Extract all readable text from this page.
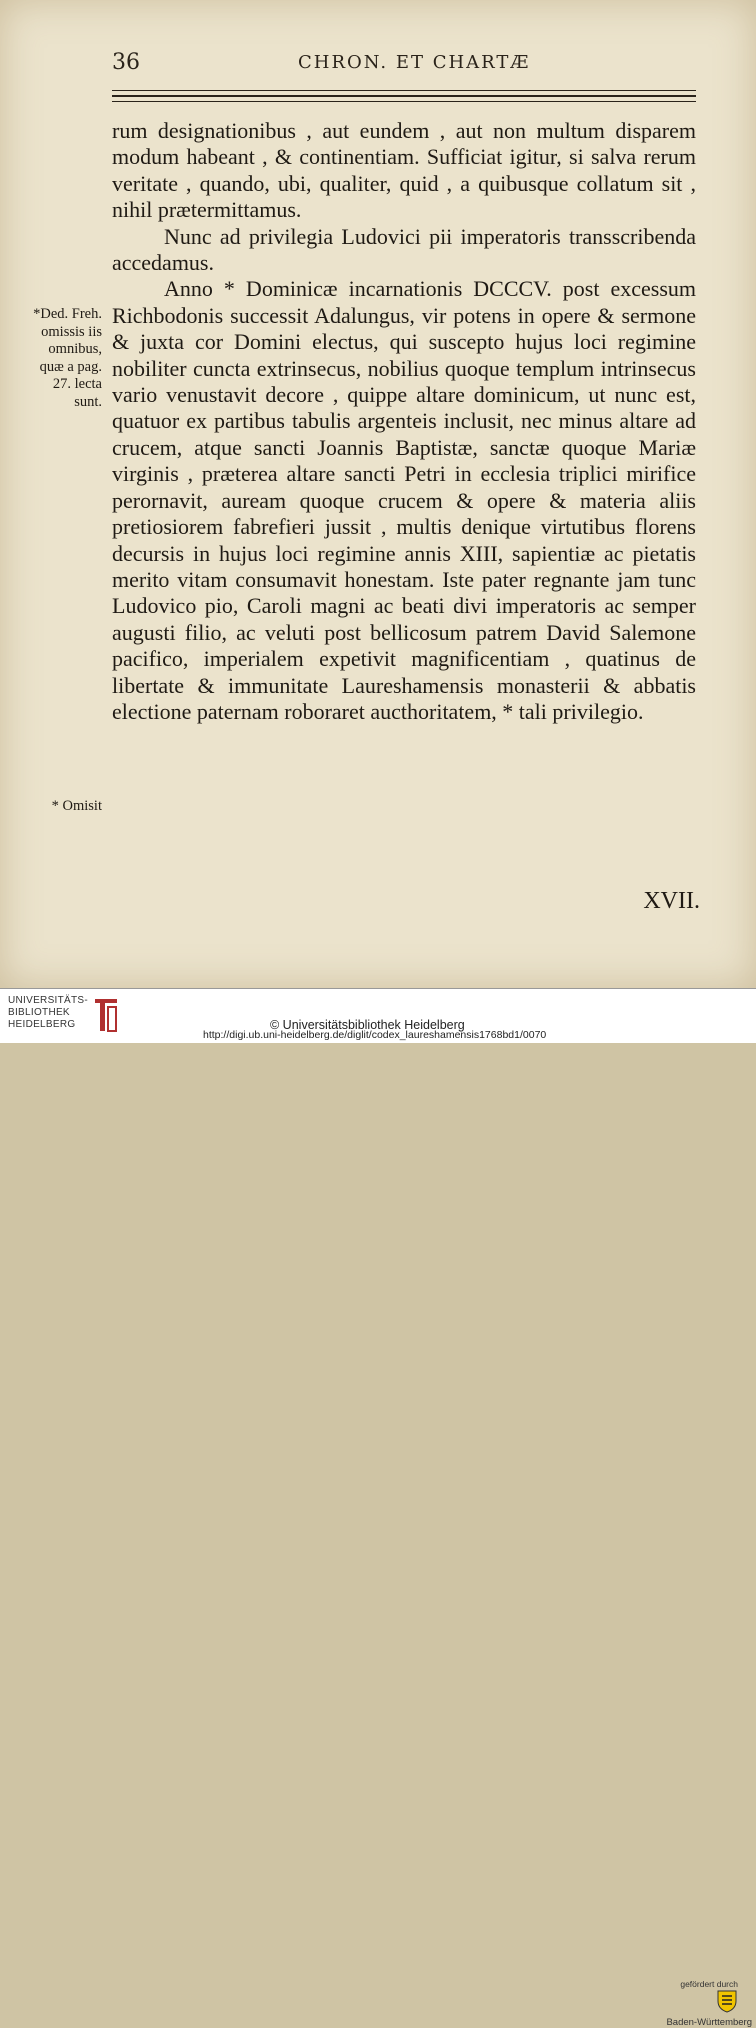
36	CHRON. ET CHARTÆ
*Ded. Freh.
omissis iis
omnibus,
quæ a pag.
27. lecta
sunt.
* Omisit

rum designationibus , aut eundem , aut non multum disparem modum habeant , & continentiam. Sufficiat igitur, si salva rerum veritate , quando, ubi, qualiter, quid , a quibusque collatum sit , nihil prætermittamus.

Nunc ad privilegia Ludovici pii imperatoris transscribenda accedamus.

Anno * Dominicæ incarnationis DCCCV. post excessum Richbodonis successit Adalungus, vir potens in opere & sermone & juxta cor Domini electus, qui suscepto hujus loci regimine nobiliter cuncta extrinsecus, nobilius quoque templum intrinsecus vario venustavit decore , quippe altare dominicum, ut nunc est, quatuor ex partibus tabulis argenteis inclusit, nec minus altare ad crucem, atque sancti Joannis Baptistæ, sanctæ quoque Mariæ virginis , præterea altare sancti Petri in ecclesia triplici mirifice perornavit, auream quoque crucem & opere & materia aliis pretiosiorem fabrefieri jussit , multis denique virtutibus florens decursis in hujus loci regimine annis XIII, sapientiæ ac pietatis merito vitam consumavit honestam. Iste pater regnante jam tunc Ludovico pio, Caroli magni ac beati divi imperatoris ac semper augusti filio, ac veluti post bellicosum patrem David Salemone pacifico, imperialem expetivit magnificentiam , quatinus de libertate & immunitate Laureshamensis monasterii & abbatis electione paternam roboraret aucthoritatem, * tali privilegio.

XVII.
UNIVERSITÄTS-
BIBLIOTHEK
HEIDELBERG
gefördert durch
Baden-Württemberg
© Universitätsbibliothek Heidelberg
http://digi.ub.uni-heidelberg.de/diglit/codex_laureshamensis1768bd1/0070
